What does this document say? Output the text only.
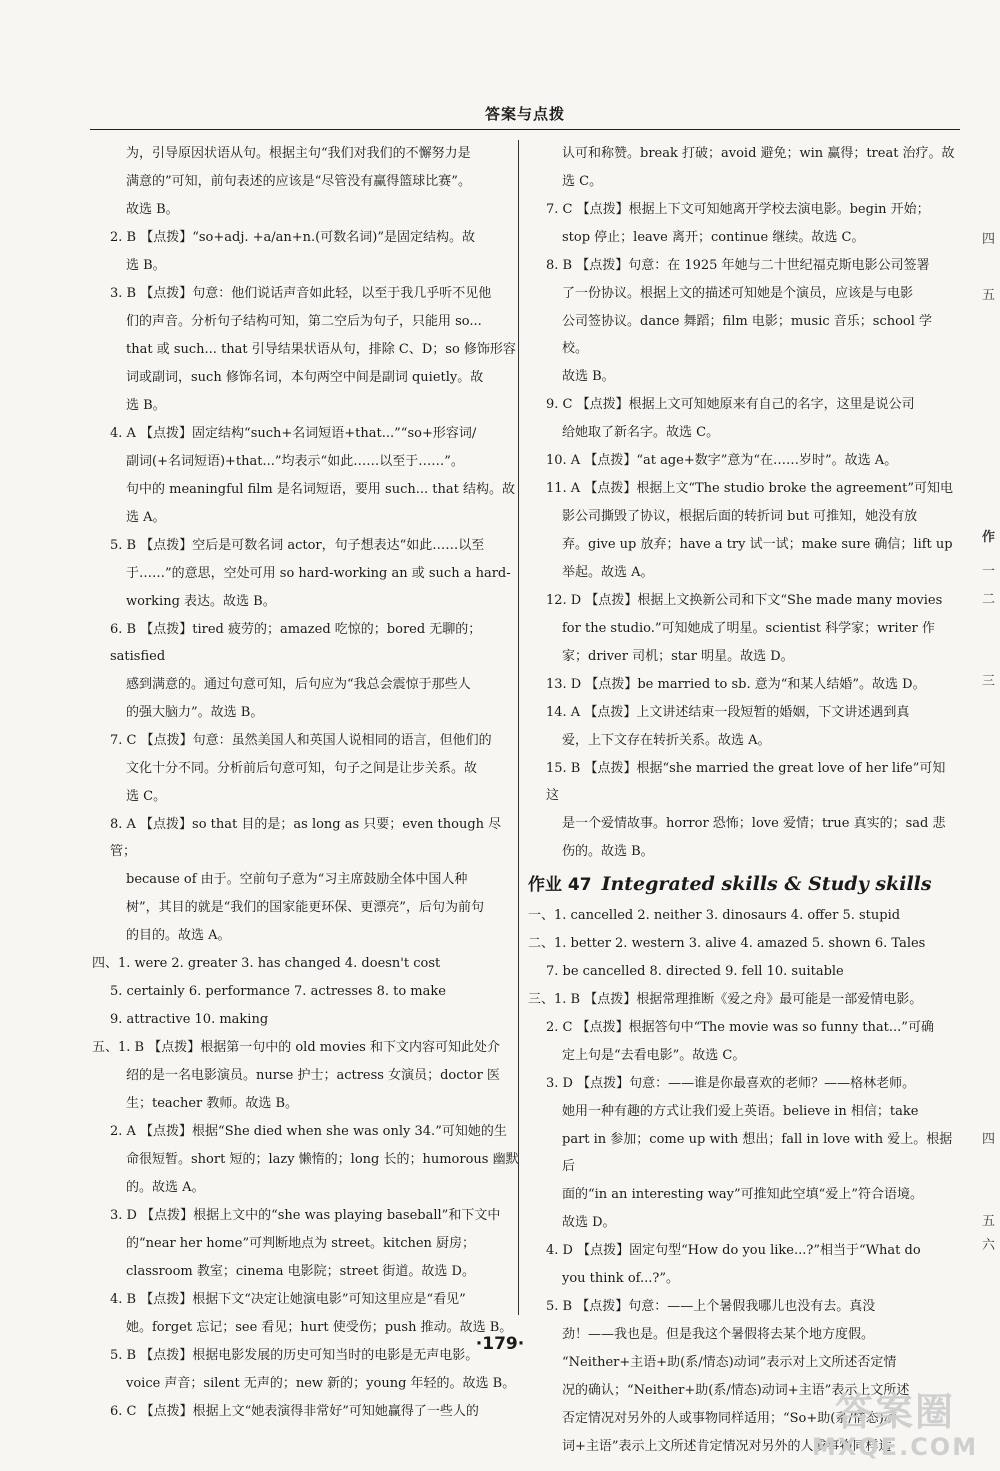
答案与点拨
为，引导原因状语从句。根据主句“我们对我们的不懈努力是
满意的”可知，前句表述的应该是“尽管没有赢得篮球比赛”。
故选 B。
2. B 【点拨】“so+adj. +a/an+n.(可数名词)”是固定结构。故
选 B。
3. B 【点拨】句意：他们说话声音如此轻，以至于我几乎听不见他
们的声音。分析句子结构可知，第二空后为句子，只能用 so...
that 或 such... that 引导结果状语从句，排除 C、D；so 修饰形容
词或副词，such 修饰名词，本句两空中间是副词 quietly。故
选 B。
4. A 【点拨】固定结构“such+名词短语+that...”“so+形容词/
副词(+名词短语)+that...”均表示“如此……以至于……”。
句中的 meaningful film 是名词短语，要用 such... that 结构。故
选 A。
5. B 【点拨】空后是可数名词 actor，句子想表达“如此……以至
于……”的意思，空处可用 so hard-working an 或 such a hard-
working 表达。故选 B。
6. B 【点拨】tired 疲劳的；amazed 吃惊的；bored 无聊的；satisfied
感到满意的。通过句意可知，后句应为“我总会震惊于那些人
的强大脑力”。故选 B。
7. C 【点拨】句意：虽然美国人和英国人说相同的语言，但他们的
文化十分不同。分析前后句意可知，句子之间是让步关系。故
选 C。
8. A 【点拨】so that 目的是；as long as 只要；even though 尽管；
because of 由于。空前句子意为“习主席鼓励全体中国人种
树”，其目的就是“我们的国家能更环保、更漂亮”，后句为前句
的目的。故选 A。
四、1. were 2. greater 3. has changed 4. doesn't cost
5. certainly 6. performance 7. actresses 8. to make
9. attractive 10. making
五、1. B 【点拨】根据第一句中的 old movies 和下文内容可知此处介
绍的是一名电影演员。nurse 护士；actress 女演员；doctor 医
生；teacher 教师。故选 B。
2. A 【点拨】根据“She died when she was only 34.”可知她的生
命很短暂。short 短的；lazy 懒惰的；long 长的；humorous 幽默
的。故选 A。
3. D 【点拨】根据上文中的“she was playing baseball”和下文中
的“near her home”可判断地点为 street。kitchen 厨房；
classroom 教室；cinema 电影院；street 街道。故选 D。
4. B 【点拨】根据下文“决定让她演电影”可知这里应是“看见”
她。forget 忘记；see 看见；hurt 使受伤；push 推动。故选 B。
5. B 【点拨】根据电影发展的历史可知当时的电影是无声电影。
voice 声音；silent 无声的；new 新的；young 年轻的。故选 B。
6. C 【点拨】根据上文“她表演得非常好”可知她赢得了一些人的
认可和称赞。break 打破；avoid 避免；win 赢得；treat 治疗。故
选 C。
7. C 【点拨】根据上下文可知她离开学校去演电影。begin 开始；
stop 停止；leave 离开；continue 继续。故选 C。
8. B 【点拨】句意：在 1925 年她与二十世纪福克斯电影公司签署
了一份协议。根据上文的描述可知她是个演员，应该是与电影
公司签协议。dance 舞蹈；film 电影；music 音乐；school 学校。
故选 B。
9. C 【点拨】根据上文可知她原来有自己的名字，这里是说公司
给她取了新名字。故选 C。
10. A 【点拨】“at age+数字”意为“在……岁时”。故选 A。
11. A 【点拨】根据上文“The studio broke the agreement”可知电
影公司撕毁了协议，根据后面的转折词 but 可推知，她没有放
弃。give up 放弃；have a try 试一试；make sure 确信；lift up
举起。故选 A。
12. D 【点拨】根据上文换新公司和下文“She made many movies
for the studio.”可知她成了明星。scientist 科学家；writer 作
家；driver 司机；star 明星。故选 D。
13. D 【点拨】be married to sb. 意为“和某人结婚”。故选 D。
14. A 【点拨】上文讲述结束一段短暂的婚姻，下文讲述遇到真
爱，上下文存在转折关系。故选 A。
15. B 【点拨】根据“she married the great love of her life”可知这
是一个爱情故事。horror 恐怖；love 爱情；true 真实的；sad 悲
伤的。故选 B。
作业 47 Integrated skills & Study skills
一、1. cancelled 2. neither 3. dinosaurs 4. offer 5. stupid
二、1. better 2. western 3. alive 4. amazed 5. shown 6. Tales
7. be cancelled 8. directed 9. fell 10. suitable
三、1. B 【点拨】根据常理推断《爱之舟》最可能是一部爱情电影。
2. C 【点拨】根据答句中“The movie was so funny that...”可确
定上句是“去看电影”。故选 C。
3. D 【点拨】句意：——谁是你最喜欢的老师？——格林老师。
她用一种有趣的方式让我们爱上英语。believe in 相信；take
part in 参加；come up with 想出；fall in love with 爱上。根据后
面的“in an interesting way”可推知此空填“爱上”符合语境。
故选 D。
4. D 【点拨】固定句型“How do you like...?”相当于“What do
you think of...?”。
5. B 【点拨】句意：——上个暑假我哪儿也没有去。真没
劲！——我也是。但是我这个暑假将去某个地方度假。
“Neither+主语+助(系/情态)动词”表示对上文所述否定情
况的确认；“Neither+助(系/情态)动词+主语”表示上文所述
否定情况对另外的人或事物同样适用；“So+助(系/情态)动
词+主语”表示上文所述肯定情况对另外的人或事物同样适
·179·
四
五
作
一
二
三
四
五
六
答案圈
MXQE.COM
